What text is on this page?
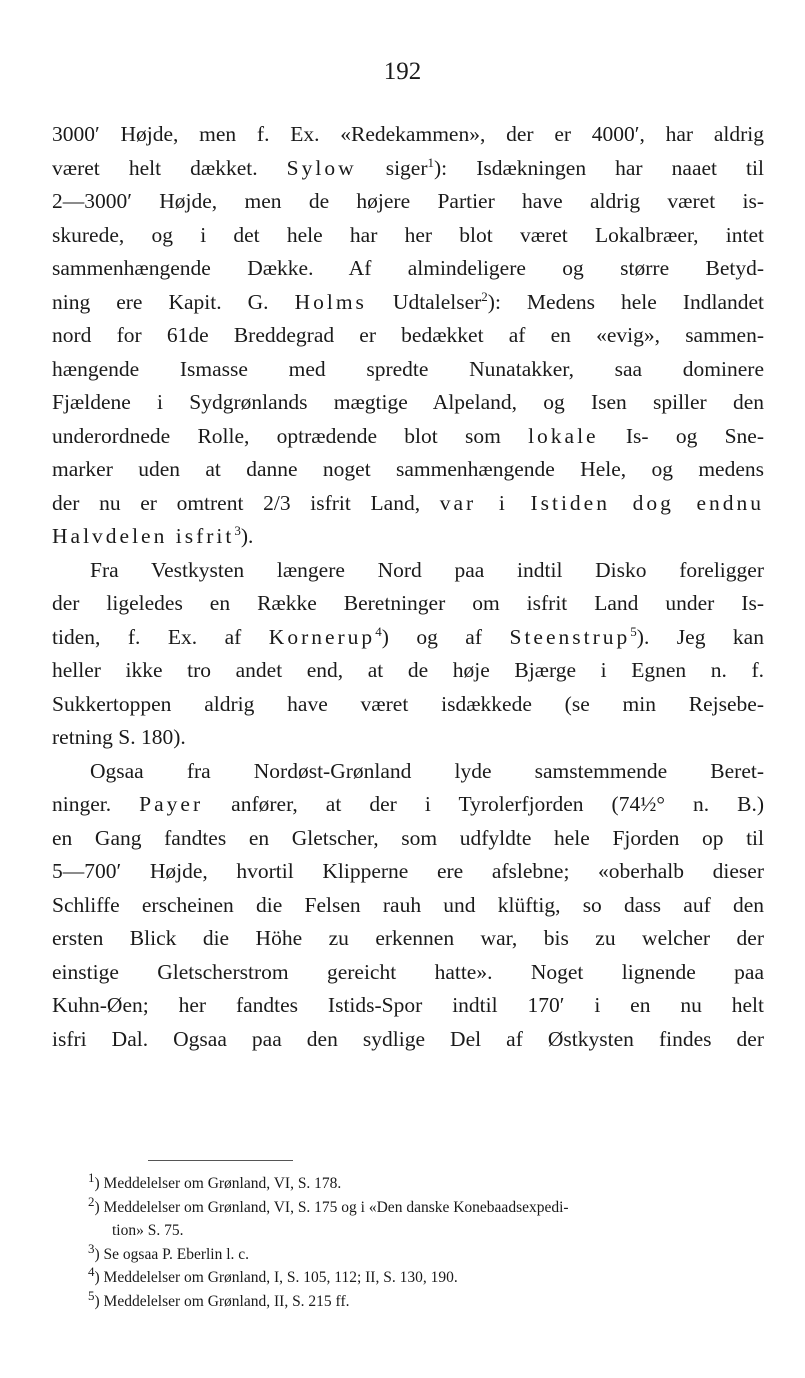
192

3000′ Højde, men f. Ex. «Redekammen», der er 4000′, har aldrig

været helt dækket. Sylow siger$^1$): Isdækningen har naaet til

2—3000′ Højde, men de højere Partier have aldrig været is-

skurede, og i det hele har her blot været Lokalbræer, intet

sammenhængende Dække. Af almindeligere og større Betyd-

ning ere Kapit. G. Holms Udtalelser$^2$): Medens hele Indlandet

nord for 61de Breddegrad er bedækket af en «evig», sammen-

hængende Ismasse med spredte Nunatakker, saa dominere

Fjældene i Sydgrønlands mægtige Alpeland, og Isen spiller den

underordnede Rolle, optrædende blot som lokale Is- og Sne-

marker uden at danne noget sammenhængende Hele, og medens

der nu er omtrent 2/3 isfrit Land, var i Istiden dog endnu

Halvdelen isfrit$^3$).

Fra Vestkysten længere Nord paa indtil Disko foreligger

der ligeledes en Række Beretninger om isfrit Land under Is-

tiden, f. Ex. af Kornerup$^4$) og af Steenstrup$^5$). Jeg kan

heller ikke tro andet end, at de høje Bjærge i Egnen n. f.

Sukkertoppen aldrig have været isdækkede (se min Rejsebe-

retning S. 180).

Ogsaa fra Nordøst-Grønland lyde samstemmende Beret-

ninger. Payer anfører, at der i Tyrolerfjorden (74½° n. B.)

en Gang fandtes en Gletscher, som udfyldte hele Fjorden op til

5—700′ Højde, hvortil Klipperne ere afslebne; «oberhalb dieser

Schliffe erscheinen die Felsen rauh und klüftig, so dass auf den

ersten Blick die Höhe zu erkennen war, bis zu welcher der

einstige Gletscherstrom gereicht hatte». Noget lignende paa

Kuhn-Øen; her fandtes Istids-Spor indtil 170′ i en nu helt

isfri Dal. Ogsaa paa den sydlige Del af Østkysten findes der

$^1$) Meddelelser om Grønland, VI, S. 178.
$^2$) Meddelelser om Grønland, VI, S. 175 og i «Den danske Konebaadsexpedi-
tion» S. 75.
$^3$) Se ogsaa P. Eberlin l. c.
$^4$) Meddelelser om Grønland, I, S. 105, 112; II, S. 130, 190.
$^5$) Meddelelser om Grønland, II, S. 215 ff.
